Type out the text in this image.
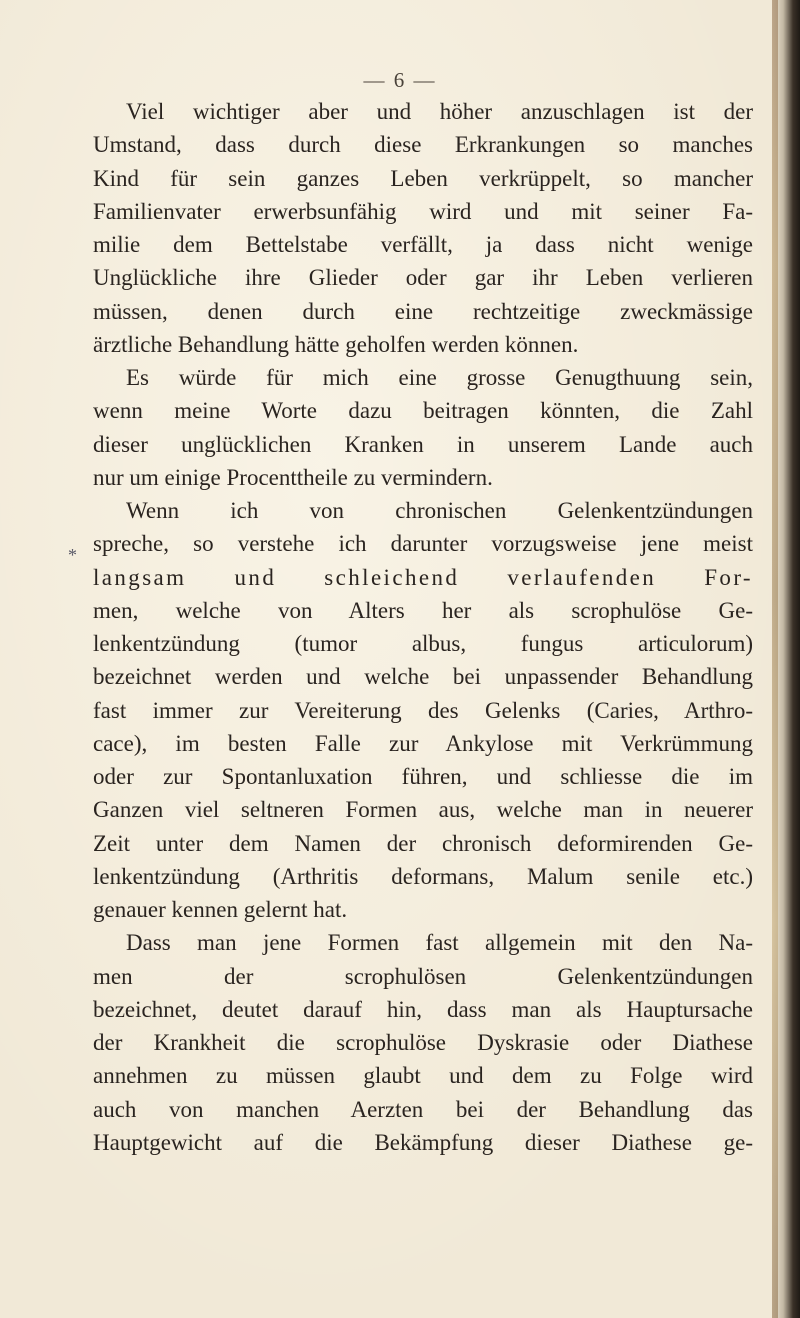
— 6 —
*
Viel wichtiger aber und höher anzuschlagen ist der
Umstand, dass durch diese Erkrankungen so manches
Kind für sein ganzes Leben verkrüppelt, so mancher
Familienvater erwerbsunfähig wird und mit seiner Fa-
milie dem Bettelstabe verfällt, ja dass nicht wenige
Unglückliche ihre Glieder oder gar ihr Leben verlieren
müssen, denen durch eine rechtzeitige zweckmässige
ärztliche Behandlung hätte geholfen werden können.
Es würde für mich eine grosse Genugthuung sein,
wenn meine Worte dazu beitragen könnten, die Zahl
dieser unglücklichen Kranken in unserem Lande auch
nur um einige Procenttheile zu vermindern.
Wenn ich von chronischen Gelenkentzündungen
spreche, so verstehe ich darunter vorzugsweise jene meist
langsam und schleichend verlaufenden For-
men, welche von Alters her als scrophulöse Ge-
lenkentzündung (tumor albus, fungus articulorum)
bezeichnet werden und welche bei unpassender Behandlung
fast immer zur Vereiterung des Gelenks (Caries, Arthro-
cace), im besten Falle zur Ankylose mit Verkrümmung
oder zur Spontanluxation führen, und schliesse die im
Ganzen viel seltneren Formen aus, welche man in neuerer
Zeit unter dem Namen der chronisch deformirenden Ge-
lenkentzündung (Arthritis deformans, Malum senile etc.)
genauer kennen gelernt hat.
Dass man jene Formen fast allgemein mit den Na-
men der scrophulösen Gelenkentzündungen
bezeichnet, deutet darauf hin, dass man als Hauptursache
der Krankheit die scrophulöse Dyskrasie oder Diathese
annehmen zu müssen glaubt und dem zu Folge wird
auch von manchen Aerzten bei der Behandlung das
Hauptgewicht auf die Bekämpfung dieser Diathese ge-
